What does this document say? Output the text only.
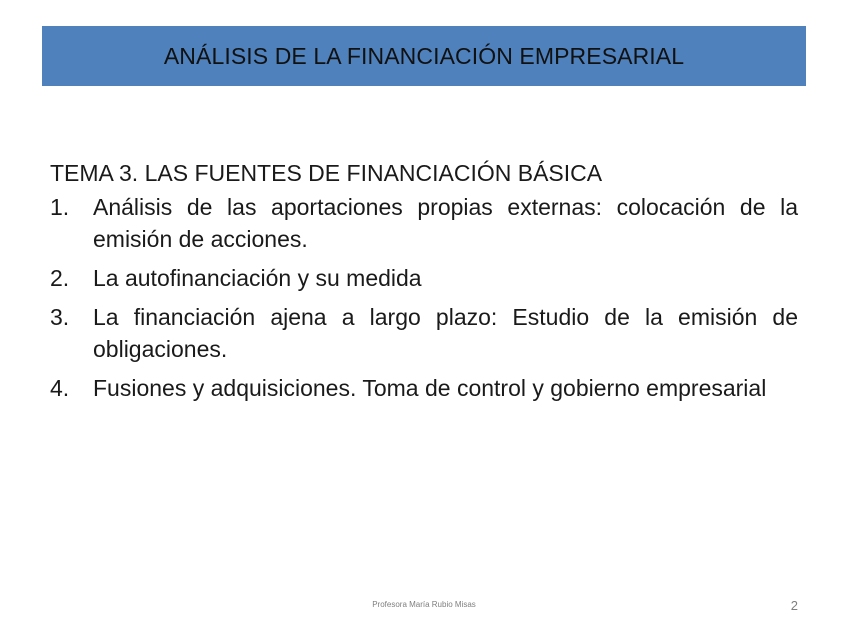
ANÁLISIS DE LA FINANCIACIÓN EMPRESARIAL
TEMA 3. LAS FUENTES DE FINANCIACIÓN BÁSICA
1.	Análisis de las aportaciones propias externas: colocación de la emisión de acciones.
2.	La autofinanciación y su medida
3.	La financiación ajena a largo plazo: Estudio de la emisión de obligaciones.
4.	Fusiones y adquisiciones. Toma de control y gobierno empresarial
Profesora María Rubio Misas	2
